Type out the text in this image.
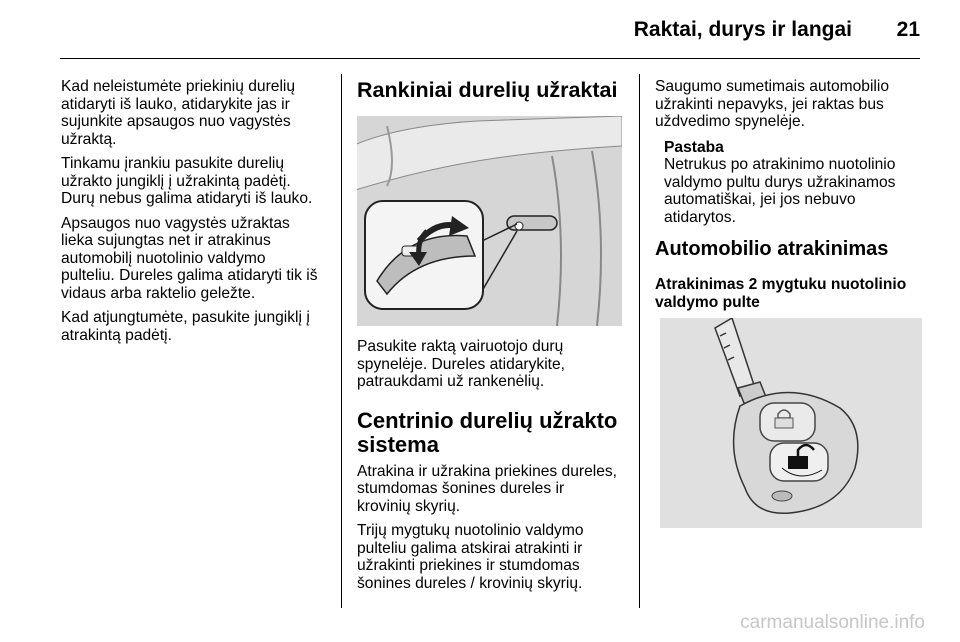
Raktai, durys ir langai	21

Kad neleistumėte priekinių durelių
atidaryti iš lauko, atidarykite jas ir
sujunkite apsaugos nuo vagystės
užraktą.

Tinkamu įrankiu pasukite durelių
užrakto jungiklį į užrakintą padėtį.
Durų nebus galima atidaryti iš lauko.

Apsaugos nuo vagystės užraktas
lieka sujungtas net ir atrakinus
automobilį nuotolinio valdymo
pulteliu. Dureles galima atidaryti tik iš
vidaus arba raktelio geležte.

Kad atjungtumėte, pasukite jungiklį į
atrakintą padėtį.

Rankiniai durelių užraktai

Pasukite raktą vairuotojo durų
spynelėje. Dureles atidarykite,
patraukdami už rankenėlių.

Centrinio durelių užrakto
sistema

Atrakina ir užrakina priekines dureles,
stumdomas šonines dureles ir
krovinių skyrių.

Trijų mygtukų nuotolinio valdymo
pulteliu galima atskirai atrakinti ir
užrakinti priekines ir stumdomas
šonines dureles / krovinių skyrių.

Saugumo sumetimais automobilio
užrakinti nepavyks, jei raktas bus
uždvedimo spynelėje.

Pastaba

Netrukus po atrakinimo nuotolinio
valdymo pultu durys užrakinamos
automatiškai, jei jos nebuvo
atidarytos.

Automobilio atrakinimas
Atrakinimas 2 mygtuku nuotolinio
valdymo pulte
carmanualsonline.info
